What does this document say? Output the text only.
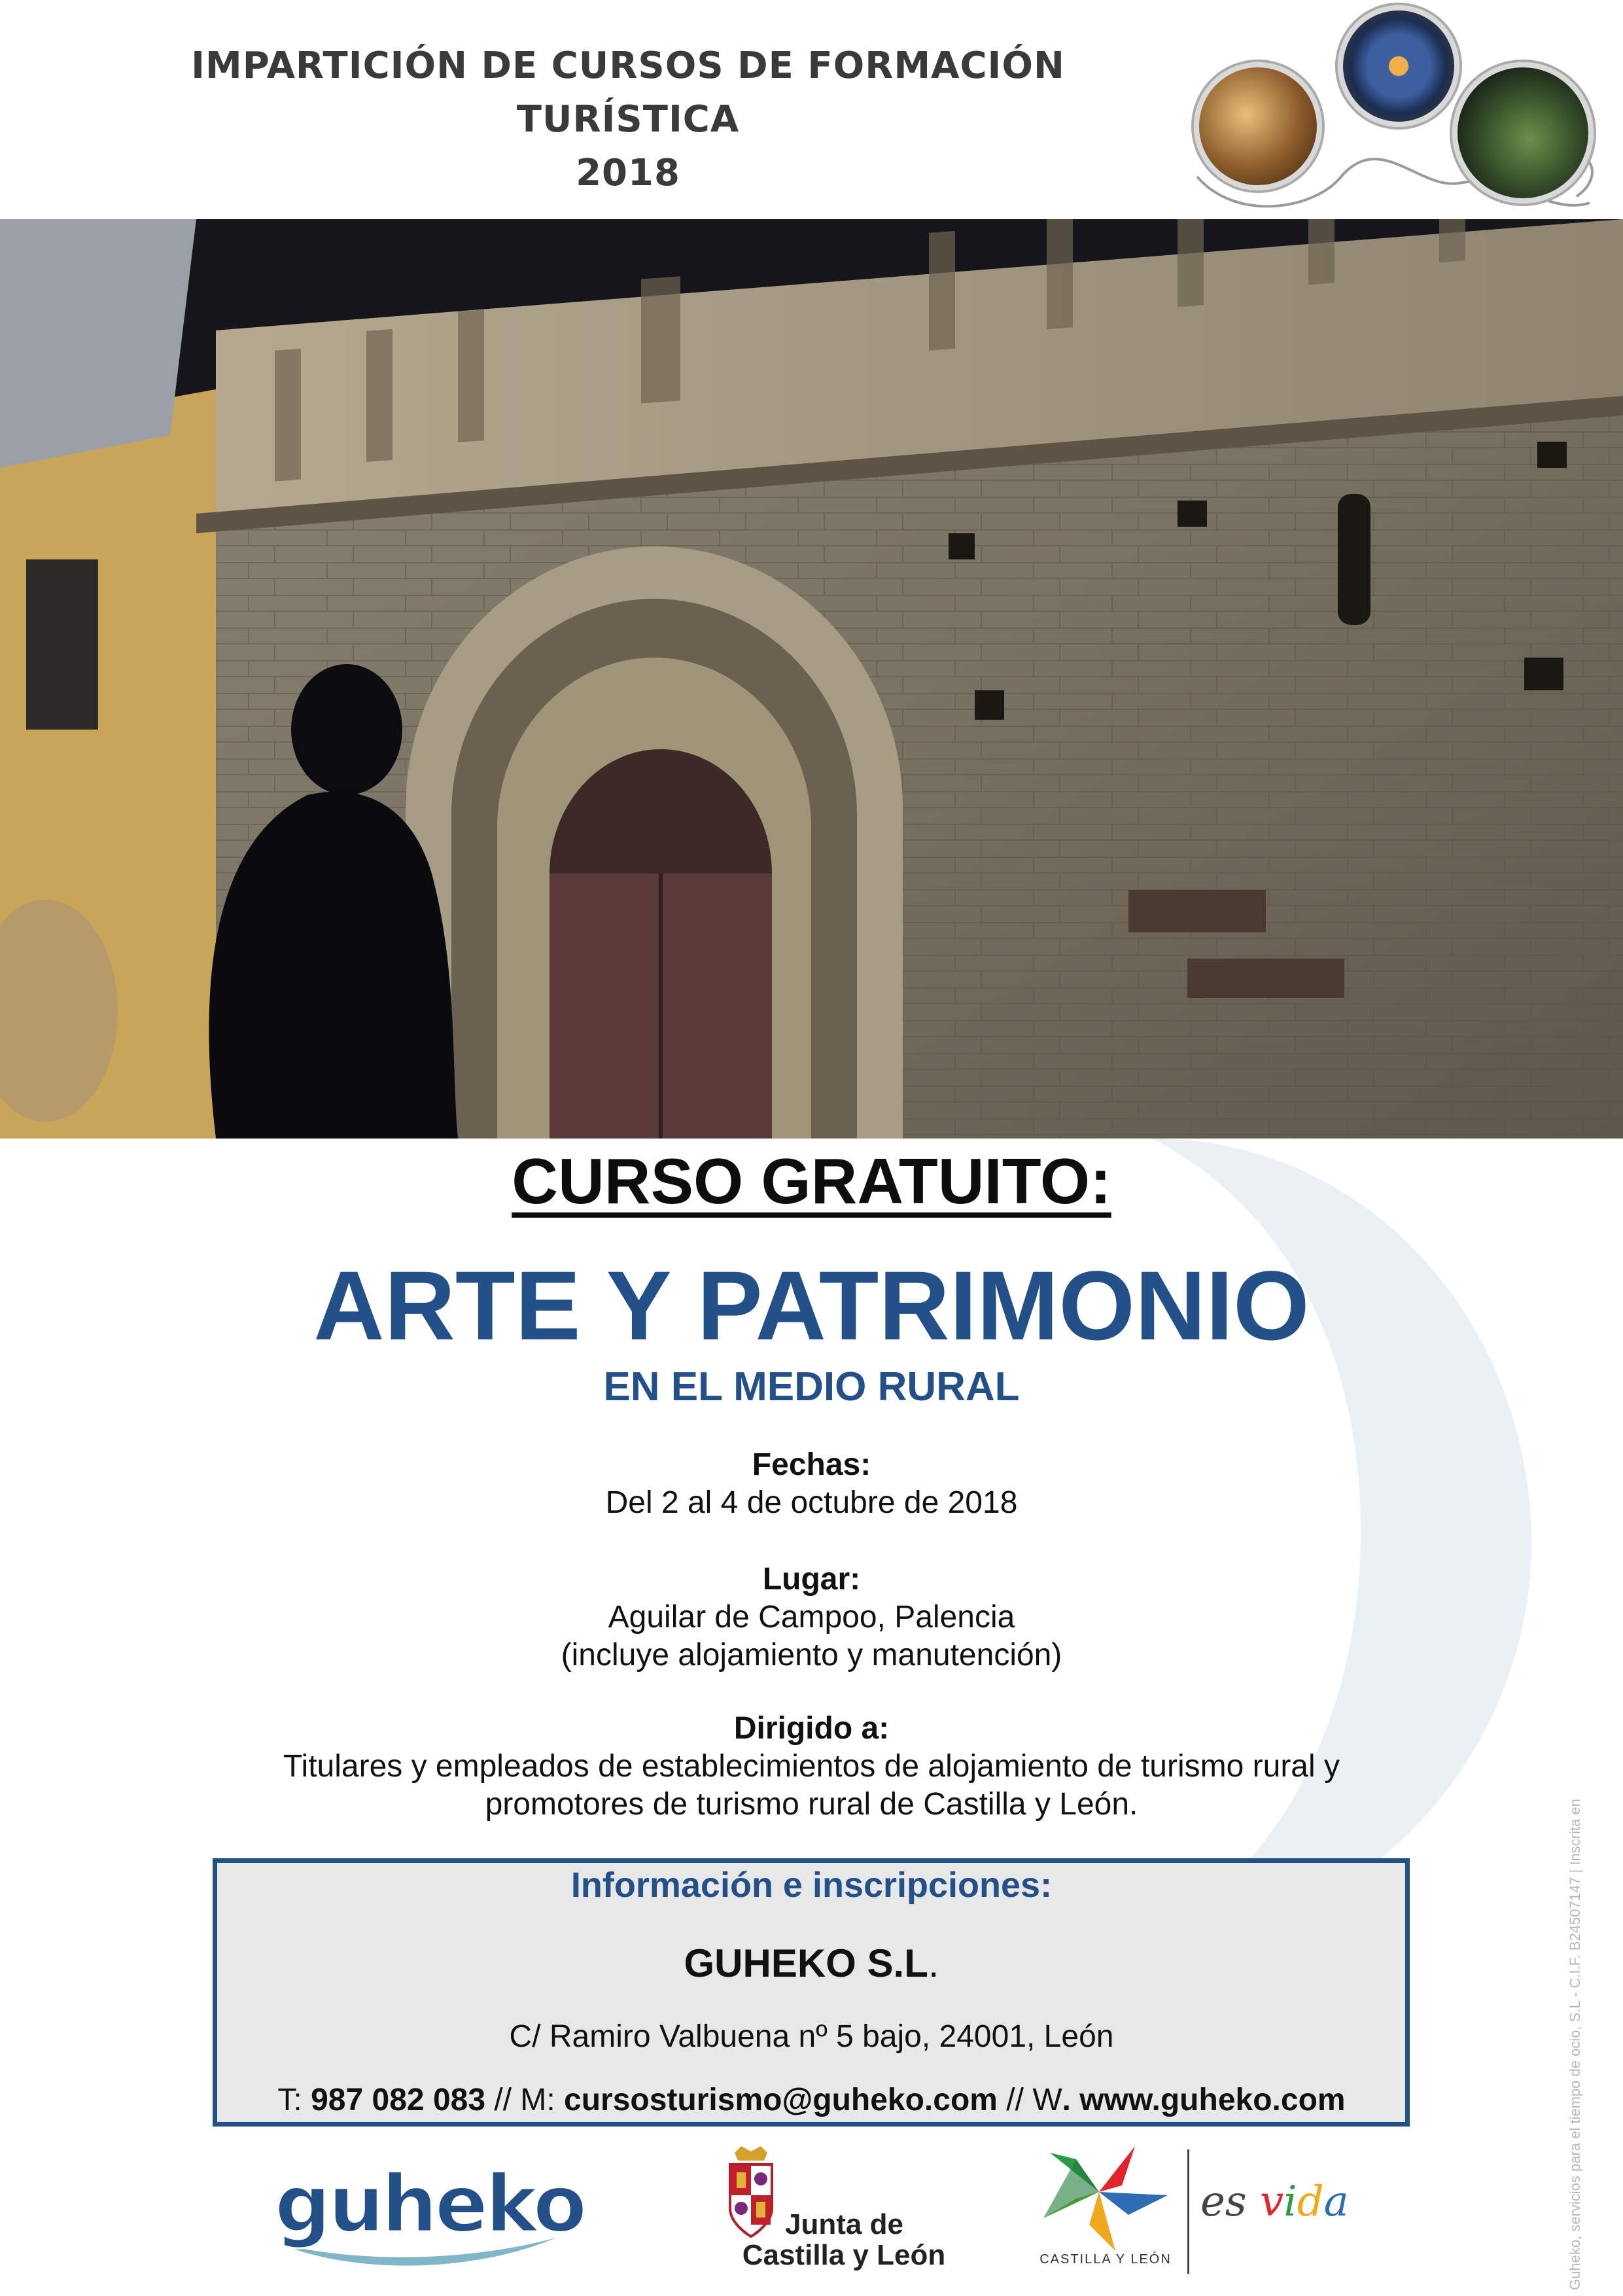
IMPARTICIÓN DE CURSOS DE FORMACIÓN TURÍSTICA
2018
Guheko, servicios para el tiempo de ocio, S.L - C.I.F. B24507147 | Inscrita en
CURSO GRATUITO:
ARTE Y PATRIMONIO
EN EL MEDIO RURAL
Fechas:
Del 2 al 4 de octubre de 2018
Lugar:
Aguilar de Campoo, Palencia
(incluye alojamiento y manutención)
Dirigido a:
Titulares y empleados de establecimientos de alojamiento de turismo rural y
promotores de turismo rural de Castilla y León.
Información e inscripciones:
GUHEKO S.L.
C/ Ramiro Valbuena nº 5 bajo, 24001, León
T: 987 082 083 // M: cursosturismo@guheko.com // W. www.guheko.com
guheko	Junta de
Castilla y León	CASTILLA Y LEÓN
es vida
